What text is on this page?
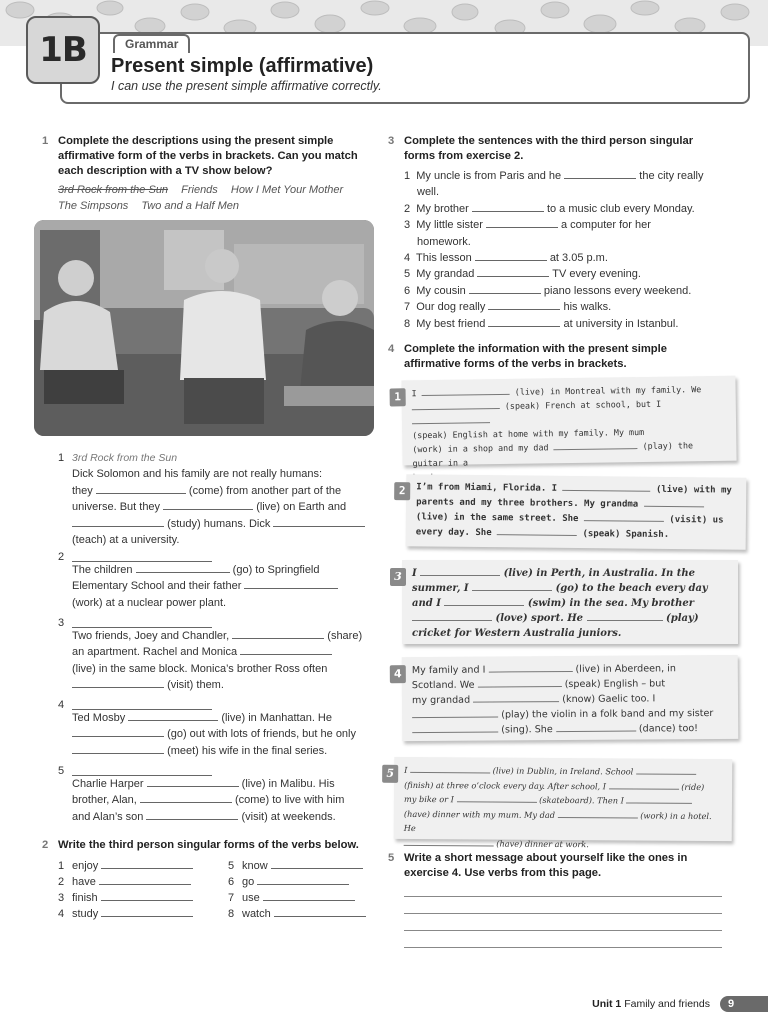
1B	Grammar
Present simple (affirmative)
I can use the present simple affirmative correctly.
1 Complete the descriptions using the present simple affirmative form of the verbs in brackets. Can you match each description with a TV show below?
3rd Rock from the Sun Friends How I Met Your Mother
The Simpsons Two and a Half Men
1 3rd Rock from the Sun
Dick Solomon and his family are not really humans:
they	(come) from another part of the
universe. But they	(live) on Earth and
(study) humans. Dick
(teach) at a university.
2
The children	(go) to Springfield
Elementary School and their father
(work) at a nuclear power plant.
3
Two friends, Joey and Chandler,	(share)
an apartment. Rachel and Monica
(live) in the same block. Monica’s brother Ross often
(visit) them.
4
Ted Mosby	(live) in Manhattan. He
(go) out with lots of friends, but he only
(meet) his wife in the final series.
5
Charlie Harper	(live) in Malibu. His
brother, Alan,	(come) to live with him
and Alan’s son	(visit) at weekends.
2 Write the third person singular forms of the verbs below.
1 enjoy
2 have
3 finish
4 study
5 know
6 go
7 use
8 watch
3 Complete the sentences with the third person singular forms from exercise 2.
1 My uncle is from Paris and he	the city really
well.
2 My brother	to a music club every Monday.
3 My little sister	a computer for her
homework.
4 This lesson	at 3.05 p.m.
5 My grandad	TV every evening.
6 My cousin	piano lessons every weekend.
7 Our dog really	his walks.
8 My best friend	at university in Istanbul.
4 Complete the information with the present simple affirmative forms of the verbs in brackets.
1	I	(live) in Montreal with my family. We
(speak) French at school, but I
(speak) English at home with my family. My mum
(work) in a shop and my dad	(play) the guitar in a

2	I’m from Miami, Florida. I	(live) with my
parents and my three brothers. My grandma
(live) in the same street. She	(visit) us
every day. She	(speak) Spanish.
3	I	(live) in Perth, in Australia. In the
summer, I	(go) to the beach every day
and I	(swim) in the sea. My brother
(love) sport. He	(play)
cricket for Western Australia juniors.
4	My family and I	(live) in Aberdeen, in
Scotland. We	(speak) English – but
my grandad	(know) Gaelic too. I
(play) the violin in a folk band and my sister
(sing). She	(dance) too!
5	I	(live) in Dublin, in Ireland. School
(finish) at three o’clock every day. After school, I	(ride)
my bike or I	(skateboard). Then I
(have) dinner with my mum. My dad	(work) in a hotel. He
(have) dinner at work.
5 Write a short message about yourself like the ones in exercise 4. Use verbs from this page.
Unit 1 Family and friends	9
